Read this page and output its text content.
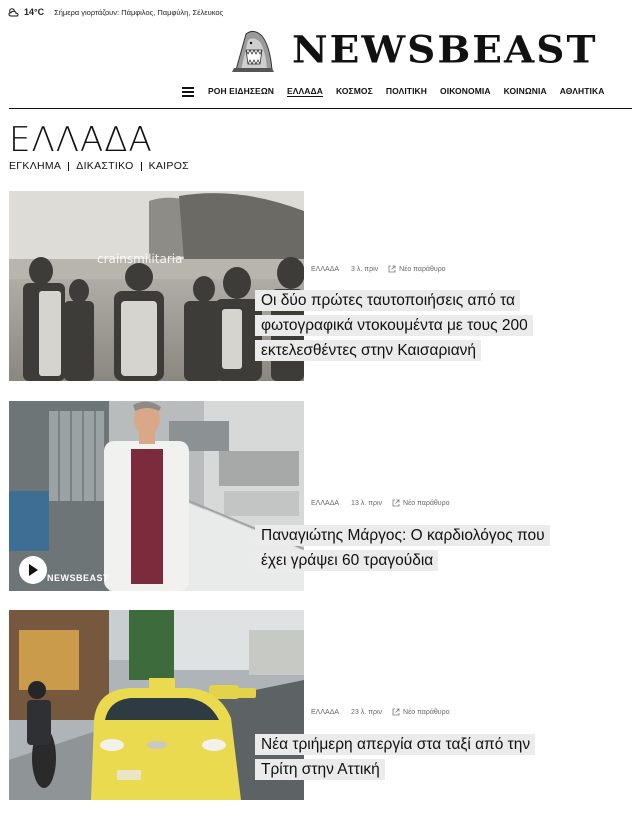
14°C Σήμερα γιορτάζουν: Πάμφιλος, Παμφύλη, Σέλευκος
NEWSBEAST
ΡΟΗ ΕΙΔΗΣΕΩΝ ΕΛΛΑΔΑ ΚΟΣΜΟΣ ΠΟΛΙΤΙΚΗ ΟΙΚΟΝΟΜΙΑ ΚΟΙΝΩΝΙΑ ΑΘΛΗΤΙΚΑ
ΕΛΛΑΔΑ
ΕΓΚΛΗΜΑ ΔΙΚΑΣΤΙΚΟ ΚΑΙΡΟΣ
crainsmilitaria
ΕΛΛΑΔΑ 3 λ. πριν	Νέο παράθυρο
Οι δύο πρώτες ταυτοποιήσεις από τα
φωτογραφικά ντοκουμέντα με τους 200
εκτελεσθέντες στην Καισαριανή
NEWSBEAST
ΕΛΛΑΔΑ 13 λ. πριν	Νέο παράθυρο
Παναγιώτης Μάργος: Ο καρδιολόγος που
έχει γράψει 60 τραγούδια
ΕΛΛΑΔΑ 23 λ. πριν	Νέο παράθυρο
Νέα τριήμερη απεργία στα ταξί από την
Τρίτη στην Αττική
